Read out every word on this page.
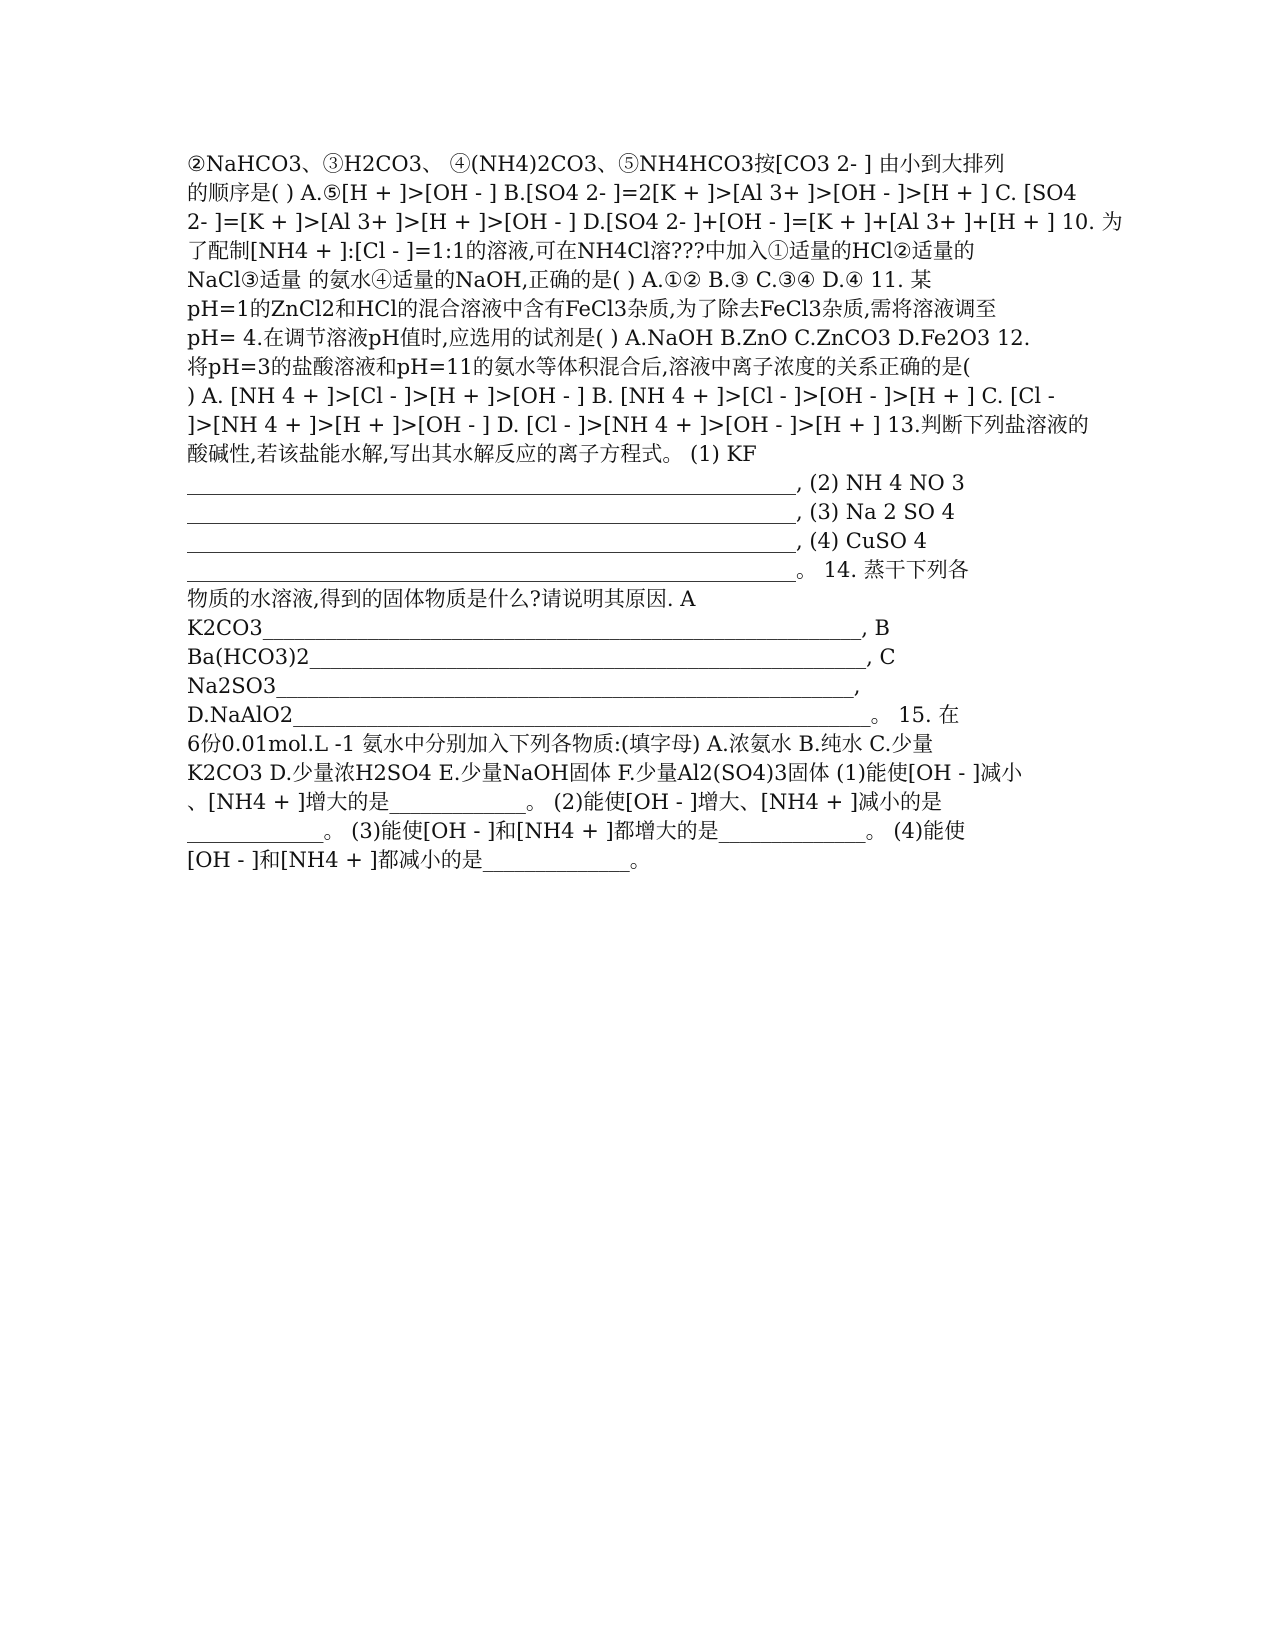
②NaHCO3、③H2CO3、 ④(NH4)2CO3、⑤NH4HCO3按[CO3 2- ] 由小到大排列
的顺序是( ) A.⑤[H + ]>[OH - ] B.[SO4 2- ]=2[K + ]>[Al 3+ ]>[OH - ]>[H + ] C. [SO4
2- ]=[K + ]>[Al 3+ ]>[H + ]>[OH - ] D.[SO4 2- ]+[OH - ]=[K + ]+[Al 3+ ]+[H + ] 10. 为
了配制[NH4 + ]:[Cl - ]=1:1的溶液,可在NH4Cl溶???中加入①适量的HCl②适量的
NaCl③适量 的氨水④适量的NaOH,正确的是( ) A.①② B.③ C.③④ D.④ 11. 某
pH=1的ZnCl2和HCl的混合溶液中含有FeCl3杂质,为了除去FeCl3杂质,需将溶液调至
pH= 4.在调节溶液pH值时,应选用的试剂是( ) A.NaOH B.ZnO C.ZnCO3 D.Fe2O3 12.
将pH=3的盐酸溶液和pH=11的氨水等体积混合后,溶液中离子浓度的关系正确的是(
) A. [NH 4 + ]>[Cl - ]>[H + ]>[OH - ] B. [NH 4 + ]>[Cl - ]>[OH - ]>[H + ] C. [Cl -
]>[NH 4 + ]>[H + ]>[OH - ] D. [Cl - ]>[NH 4 + ]>[OH - ]>[H + ] 13.判断下列盐溶液的
酸碱性,若该盐能水解,写出其水解反应的离子方程式。 (1) KF
__________________________________________________________, (2) NH 4 NO 3
__________________________________________________________, (3) Na 2 SO 4
__________________________________________________________, (4) CuSO 4
__________________________________________________________。 14. 蒸干下列各
物质的水溶液,得到的固体物质是什么?请说明其原因. A
K2CO3_________________________________________________________, B
Ba(HCO3)2_____________________________________________________, C
Na2SO3_______________________________________________________,
D.NaAlO2_______________________________________________________。 15. 在
6份0.01mol.L -1 氨水中分别加入下列各物质:(填字母) A.浓氨水 B.纯水 C.少量
K2CO3 D.少量浓H2SO4 E.少量NaOH固体 F.少量Al2(SO4)3固体 (1)能使[OH - ]减小
、[NH4 + ]增大的是_____________。 (2)能使[OH - ]增大、[NH4 + ]减小的是
_____________。 (3)能使[OH - ]和[NH4 + ]都增大的是______________。 (4)能使
[OH - ]和[NH4 + ]都减小的是______________。
